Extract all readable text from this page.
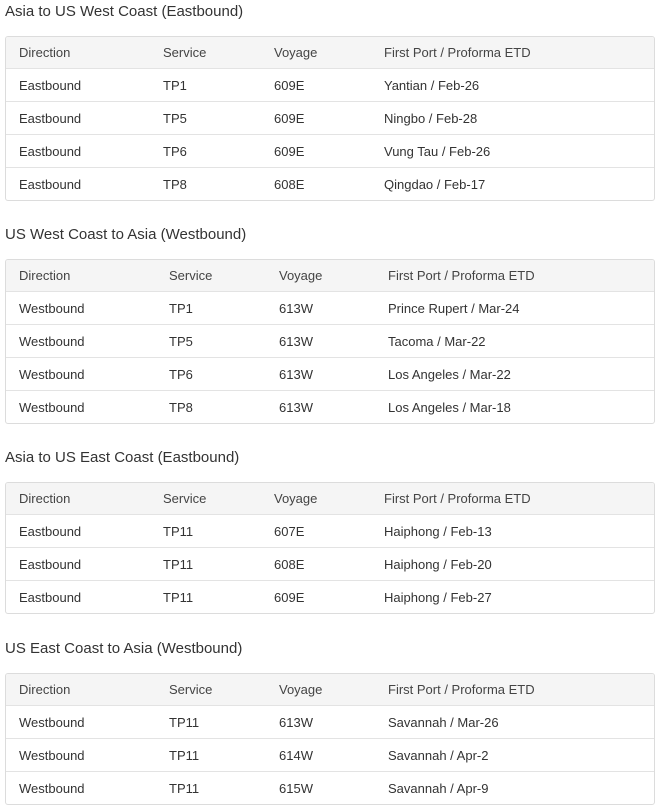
Asia to US West Coast (Eastbound)
Direction	Service	Voyage	First Port / Proforma ETD
Eastbound	TP1	609E	Yantian / Feb-26
Eastbound	TP5	609E	Ningbo / Feb-28
Eastbound	TP6	609E	Vung Tau / Feb-26
Eastbound	TP8	608E	Qingdao / Feb-17
US West Coast to Asia (Westbound)
Direction	Service	Voyage	First Port / Proforma ETD
Westbound	TP1	613W	Prince Rupert / Mar-24
Westbound	TP5	613W	Tacoma / Mar-22
Westbound	TP6	613W	Los Angeles / Mar-22
Westbound	TP8	613W	Los Angeles / Mar-18
Asia to US East Coast (Eastbound)
Direction	Service	Voyage	First Port / Proforma ETD
Eastbound	TP11	607E	Haiphong / Feb-13
Eastbound	TP11	608E	Haiphong / Feb-20
Eastbound	TP11	609E	Haiphong / Feb-27
US East Coast to Asia (Westbound)
Direction	Service	Voyage	First Port / Proforma ETD
Westbound	TP11	613W	Savannah / Mar-26
Westbound	TP11	614W	Savannah / Apr-2
Westbound	TP11	615W	Savannah / Apr-9
